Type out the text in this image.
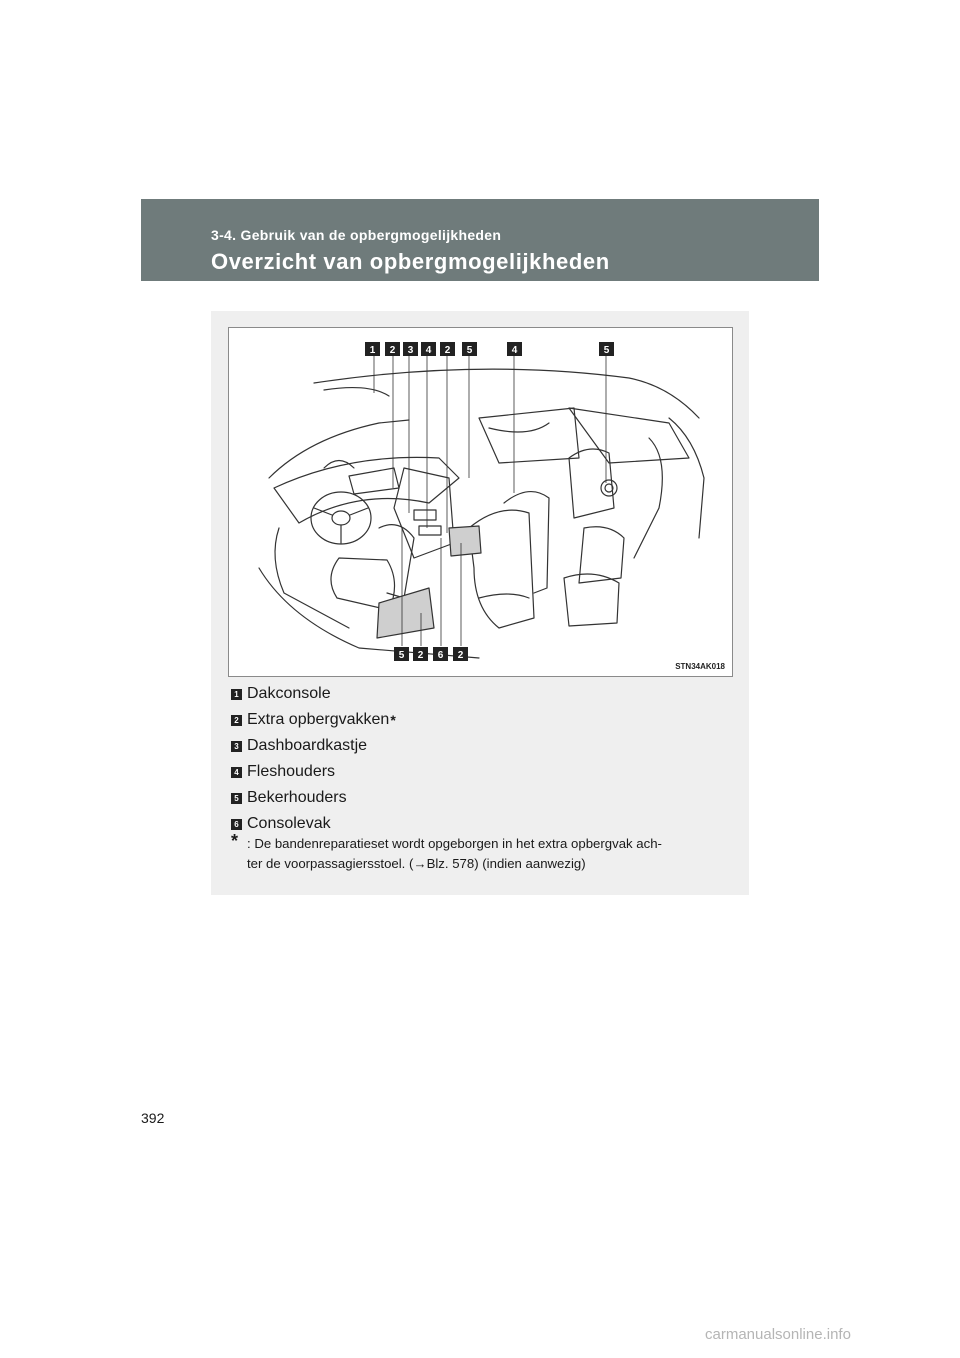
3-4. Gebruik van de opbergmogelijkheden
Overzicht van opbergmogelijkheden
1 2 3 4 2 5	4	5
5 2 6 2
STN34AK018
1 Dakconsole
2 Extra opbergvakken *
3 Dashboardkastje
4 Fleshouders
5 Bekerhouders
6 Consolevak
* : De bandenreparatieset wordt opgeborgen in het extra opbergvak ach-
ter de voorpassagiersstoel. (→Blz. 578) (indien aanwezig)
392
carmanualsonline.info
